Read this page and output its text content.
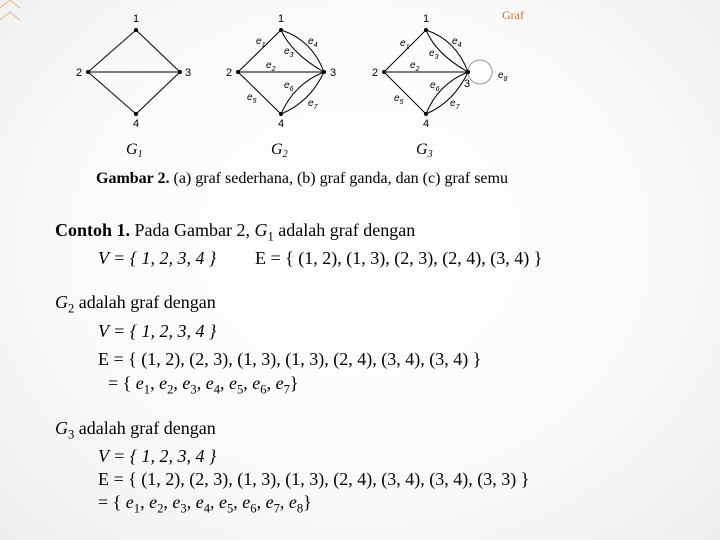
Graf
1
2	3
4
1
2	3
4
1
2
3
4
$e_1$
$e_2$
$e_3$
$e_4$
$e_5$
$e_6$
$e_7$
$e_1$
$e_2$
$e_3$
$e_4$
$e_5$
$e_6$
$e_7$
$e_8$
G1	G2	G3
Gambar 2. (a) graf sederhana, (b) graf ganda, dan (c) graf semu
Contoh 1. Pada Gambar 2, $G_1$ adalah graf dengan
V = { 1, 2, 3, 4 } E = { (1, 2), (1, 3), (2, 3), (2, 4), (3, 4) }
$G_2$ adalah graf dengan
V = { 1, 2, 3, 4 }
E = { (1, 2), (2, 3), (1, 3), (1, 3), (2, 4), (3, 4), (3, 4) }
= { $e_1$, $e_2$, $e_3$, $e_4$, $e_5$, $e_6$, $e_7$}
$G_3$ adalah graf dengan
V = { 1, 2, 3, 4 }
E = { (1, 2), (2, 3), (1, 3), (1, 3), (2, 4), (3, 4), (3, 4), (3, 3) }
= { $e_1$, $e_2$, $e_3$, $e_4$, $e_5$, $e_6$, $e_7$, $e_8$}
